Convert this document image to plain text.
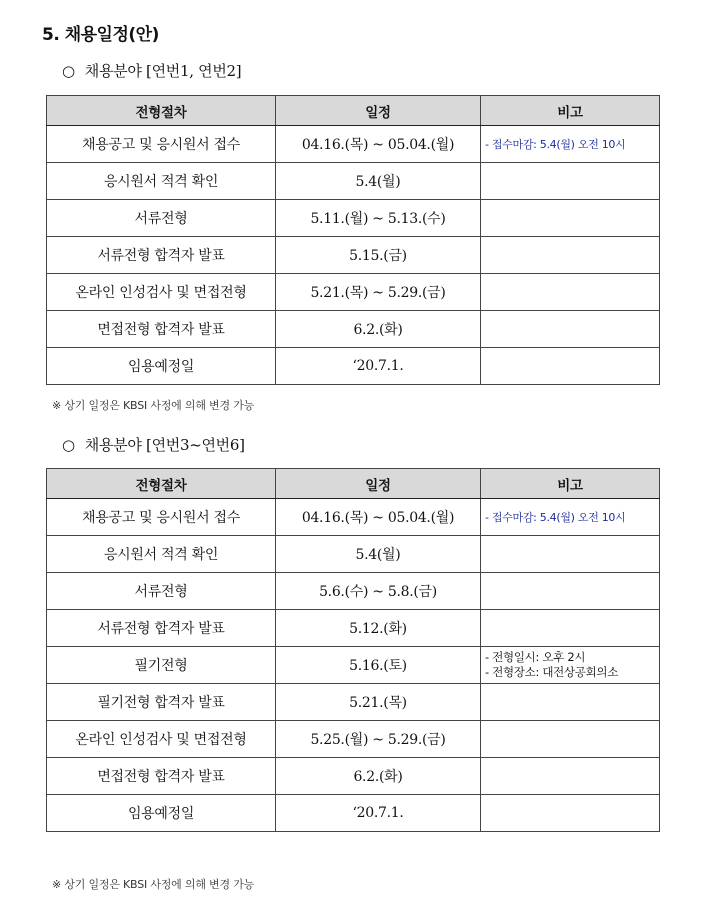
5. 채용일정(안)
○ 채용분야 [연번1, 연번2]
전형절차	일정	비고
채용공고 및 응시원서 접수	04.16.(목) ~ 05.04.(월)	- 접수마감: 5.4(월) 오전 10시
응시원서 적격 확인	5.4(월)	
서류전형	5.11.(월) ~ 5.13.(수)	
서류전형 합격자 발표	5.15.(금)	
온라인 인성검사 및 면접전형	5.21.(목) ~ 5.29.(금)	
면접전형 합격자 발표	6.2.(화)	
임용예정일	‘20.7.1.	
※ 상기 일정은 KBSI 사정에 의해 변경 가능
○ 채용분야 [연번3~연번6]
전형절차	일정	비고
채용공고 및 응시원서 접수	04.16.(목) ~ 05.04.(월)	- 접수마감: 5.4(월) 오전 10시
응시원서 적격 확인	5.4(월)	
서류전형	5.6.(수) ~ 5.8.(금)	
서류전형 합격자 발표	5.12.(화)	
필기전형	5.16.(토)	- 전형일시: 오후 2시
- 전형장소: 대전상공회의소

필기전형 합격자 발표	5.21.(목)	
온라인 인성검사 및 면접전형	5.25.(월) ~ 5.29.(금)	
면접전형 합격자 발표	6.2.(화)	
임용예정일	‘20.7.1.	
※ 상기 일정은 KBSI 사정에 의해 변경 가능
